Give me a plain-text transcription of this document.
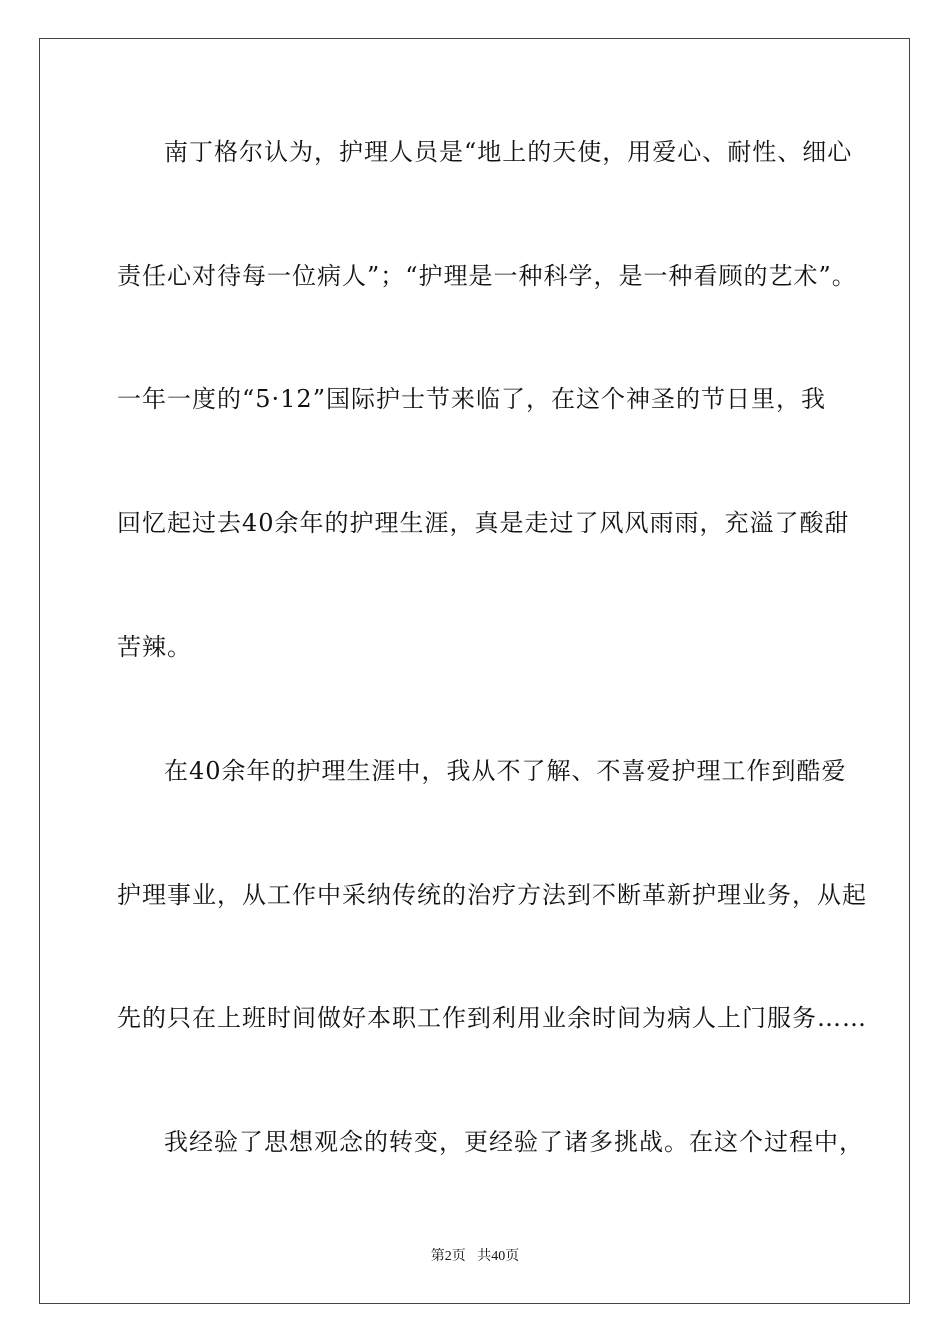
南丁格尔认为，护理人员是“地上的天使，用爱心、耐性、细心
责任心对待每一位病人”；“护理是一种科学，是一种看顾的艺术”。
一年一度的“5·12”国际护士节来临了，在这个神圣的节日里，我
回忆起过去40余年的护理生涯，真是走过了风风雨雨，充溢了酸甜
苦辣。
在40余年的护理生涯中，我从不了解、不喜爱护理工作到酷爱
护理事业，从工作中采纳传统的治疗方法到不断革新护理业务，从起
先的只在上班时间做好本职工作到利用业余时间为病人上门服务……
我经验了思想观念的转变，更经验了诸多挑战。在这个过程中，
第2页 共40页
